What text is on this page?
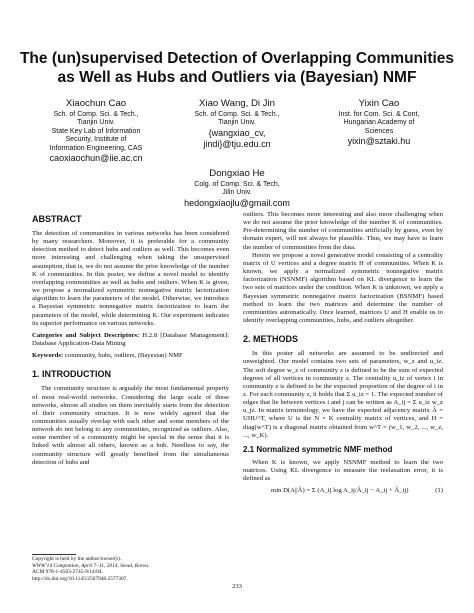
The (un)supervised Detection of Overlapping Communities
as Well as Hubs and Outliers via (Bayesian) NMF
Xiaochun Cao
Sch. of Comp. Sci. & Tech.,
Tianjin Univ.
State Key Lab of Information
Security, Institute of
Information Engineering, CAS
caoxiaochun@iie.ac.cn
Xiao Wang, Di Jin
Sch. of Comp. Sci. & Tech.,
Tianjin Univ.
{wangxiao_cv,
jindi}@tju.edu.cn
Yixin Cao
Inst. for Com. Sci. & Cont,
Hungarian Academy of
Sciences
yixin@sztaki.hu
Dongxiao He
Colg. of Comp. Sci. & Tech,
Jilin Univ.
hedongxiaojlu@gmail.com
ABSTRACT

The detection of communities in various networks has been considered by many researchers. Moreover, it is preferable for a community detection method to detect hubs and outliers as well. This becomes even more interesting and challenging when taking the unsupervised assumption, that is, we do not assume the prior knowledge of the number K of communities. In this poster, we define a novel model to identify overlapping communities as well as hubs and outliers. When K is given, we propose a normalized symmetric nonnegative matrix factorization algorithm to learn the parameters of the model. Otherwise, we introduce a Bayesian symmetric nonnegative matrix factorization to learn the parameters of the model, while determining K. Our experiment indicates its superior performance on various networks.

Categories and Subject Descriptors: H.2.8 [Database Management]: Database Application-Data Mining

Keywords: community, hubs, outliers, (Bayesian) NMF

1. INTRODUCTION

The community structure is arguably the most fundamental property of most real-world networks. Considering the large scale of these networks, almost all studies on them inevitably starts from the detection of their community structure. It is now widely agreed that the communities usually overlap with each other and some members of the network do not belong to any communities, recognized as outliers. Also, some member of a community might be special in the sense that it is linked with almost all others, known as a hub. Needless to say, the community structure will greatly benefited from the simultaneous detection of hubs and

outliers. This becomes more interesting and also more challenging when we do not assume the prior knowledge of the number K of communities. Pre-determining the number of communities artificially by guess, even by domain expert, will not always be plausible. Thus, we may have to learn the number of communities from the data.

Herein we propose a novel generative model consisting of a centrality matrix of U vertices and a degree matrix H of communities. When K is known, we apply a normalized symmetric nonnegative matrix factorization (NSNMF) algorithm based on KL divergence to learn the two sets of matrices under the condition. When K is unknown, we apply a Bayesian symmetric nonnegative matrix factorization (BSNMF) based method to learn the two matrices and determine the number of communities automatically. Once learned, matrices U and H enable us to identify overlapping communities, hubs, and outliers altogether.

2. METHODS

In this poster all networks are assumed to be undirected and unweighted. Our model contains two sets of parameters, w_z and u_iz. The soft degree w_z of community z is defined to be the sum of expected degrees of all vertices in community z. The centrality u_iz of vertex i in community z is defined to be the expected proportion of the degree of i in z. For each community z, it holds that Σ u_iz = 1. The expected number of edges that lie between vertices i and j can be written as A_ij = Σ u_iz w_z u_jz. In matrix terminology, we have the expected adjacency matrix Â = UHU^T, where U is the N × K centrality matrix of vertices, and H = diag(w^T) is a diagonal matrix obtained from w^T = (w_1, w_2, ..., w_z, ..., w_K).

2.1 Normalized symmetric NMF method

When K is known, we apply NSNMF method to learn the two matrices. Using KL divergence to measure the reelaxation error, it is defined as

min D(A||Â) = Σ (A_ij log A_ij/Â_ij − A_ij + Â_ij)	(1)
Copyright is held by the author/owner(s).
WWW'14 Companion, April 7–11, 2014, Seoul, Korea.
ACM 978-1-4503-2745-9/14/04.
http://dx.doi.org/10.1145/2567948.2577307.
233
